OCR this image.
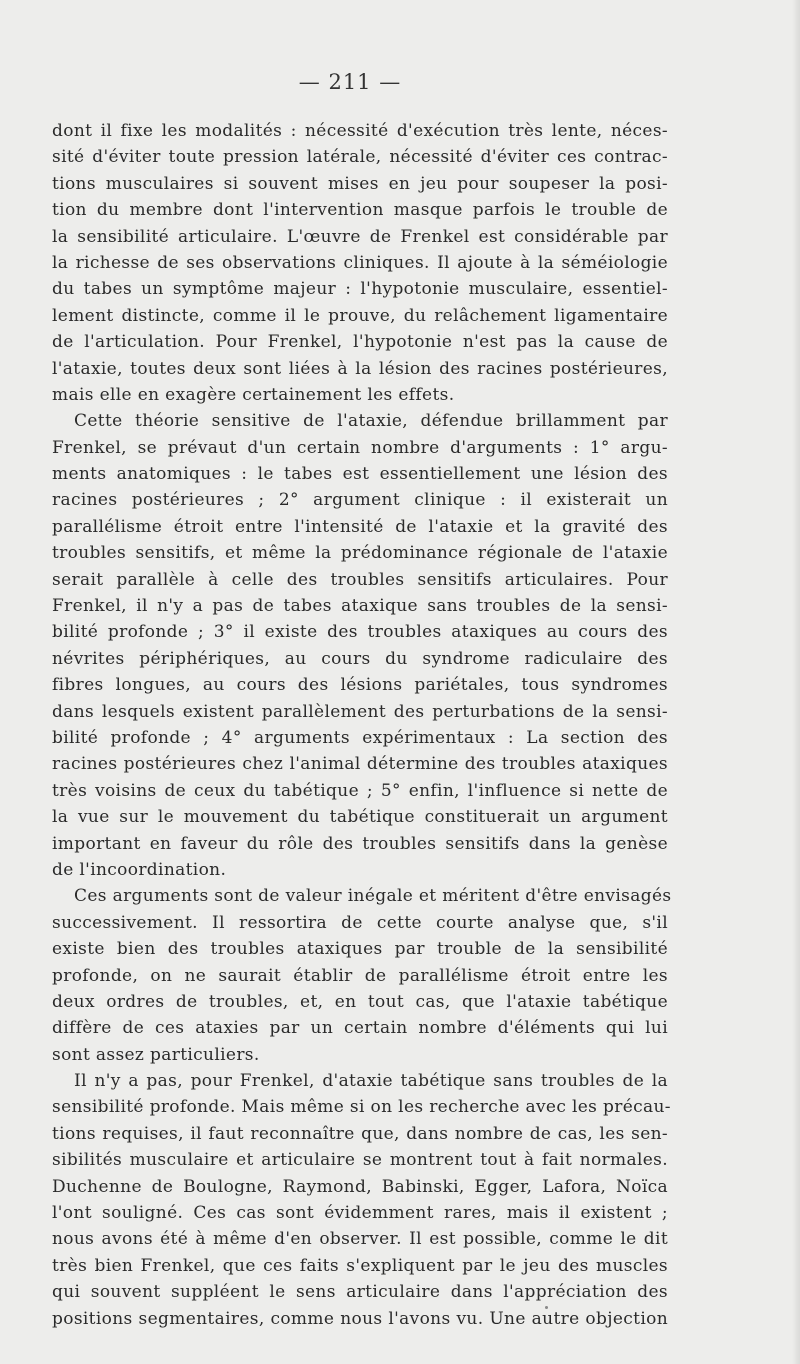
— 211 —
dont il fixe les modalités : nécessité d'exécution très lente, néces-
sité d'éviter toute pression latérale, nécessité d'éviter ces contrac-
tions musculaires si souvent mises en jeu pour soupeser la posi-
tion du membre dont l'intervention masque parfois le trouble de
la sensibilité articulaire. L'œuvre de Frenkel est considérable par
la richesse de ses observations cliniques. Il ajoute à la séméiologie
du tabes un symptôme majeur : l'hypotonie musculaire, essentiel-
lement distincte, comme il le prouve, du relâchement ligamentaire
de l'articulation. Pour Frenkel, l'hypotonie n'est pas la cause de
l'ataxie, toutes deux sont liées à la lésion des racines postérieures,
mais elle en exagère certainement les effets.
Cette théorie sensitive de l'ataxie, défendue brillamment par
Frenkel, se prévaut d'un certain nombre d'arguments : 1° argu-
ments anatomiques : le tabes est essentiellement une lésion des
racines postérieures ; 2° argument clinique : il existerait un
parallélisme étroit entre l'intensité de l'ataxie et la gravité des
troubles sensitifs, et même la prédominance régionale de l'ataxie
serait parallèle à celle des troubles sensitifs articulaires. Pour
Frenkel, il n'y a pas de tabes ataxique sans troubles de la sensi-
bilité profonde ; 3° il existe des troubles ataxiques au cours des
névrites périphériques, au cours du syndrome radiculaire des
fibres longues, au cours des lésions pariétales, tous syndromes
dans lesquels existent parallèlement des perturbations de la sensi-
bilité profonde ; 4° arguments expérimentaux : La section des
racines postérieures chez l'animal détermine des troubles ataxiques
très voisins de ceux du tabétique ; 5° enfin, l'influence si nette de
la vue sur le mouvement du tabétique constituerait un argument
important en faveur du rôle des troubles sensitifs dans la genèse
de l'incoordination.
Ces arguments sont de valeur inégale et méritent d'être envisagés
successivement. Il ressortira de cette courte analyse que, s'il
existe bien des troubles ataxiques par trouble de la sensibilité
profonde, on ne saurait établir de parallélisme étroit entre les
deux ordres de troubles, et, en tout cas, que l'ataxie tabétique
diffère de ces ataxies par un certain nombre d'éléments qui lui
sont assez particuliers.
Il n'y a pas, pour Frenkel, d'ataxie tabétique sans troubles de la
sensibilité profonde. Mais même si on les recherche avec les précau-
tions requises, il faut reconnaître que, dans nombre de cas, les sen-
sibilités musculaire et articulaire se montrent tout à fait normales.
Duchenne de Boulogne, Raymond, Babinski, Egger, Lafora, Noïca
l'ont souligné. Ces cas sont évidemment rares, mais il existent ;
nous avons été à même d'en observer. Il est possible, comme le dit
très bien Frenkel, que ces faits s'expliquent par le jeu des muscles
qui souvent suppléent le sens articulaire dans l'appréciation des
positions segmentaires, comme nous l'avons vu. Une autre objection
